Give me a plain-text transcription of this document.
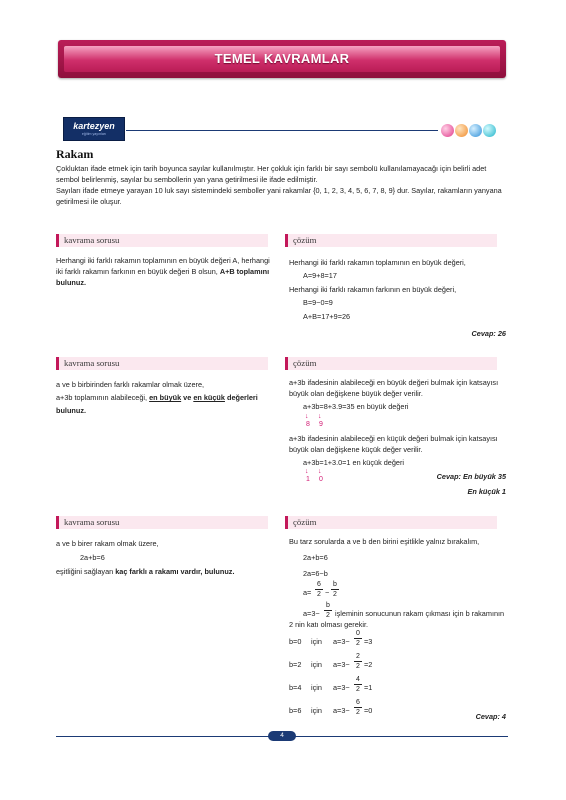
TEMEL KAVRAMLAR
kartezyen
eğitim yayınları
Rakam

Çokluktan ifade etmek için tarih boyunca sayılar kullanılmıştır. Her çokluk için farklı bir sayı sembolü kullanılamayacağı için belirli adet sembol belirlenmiş, sayılar bu sembollerin yan yana getirilmesi ile ifade edilmiştir.

Sayıları ifade etmeye yarayan 10 luk sayı sistemindeki semboller yani rakamlar {0, 1, 2, 3, 4, 5, 6, 7, 8, 9} dur. Sayılar, rakamların yanyana getirilmesi ile oluşur.

kavrama sorusu	çözüm
Herhangi iki farklı rakamın toplamının en büyük değeri A, herhangi iki farklı rakamın farkının en büyük değeri B olsun, A+B toplamını bulunuz.

Herhangi iki farklı rakamın toplamının en büyük değeri,

A=9+8=17

Herhangi iki farklı rakamın farkının en büyük değeri,

B=9−0=9

A+B=17+9=26

Cevap: 26
kavrama sorusu	çözüm

a ve b birbirinden farklı rakamlar olmak üzere,

a+3b toplamının alabileceği, en büyük ve en küçük değerleri bulunuz.

a+3b ifadesinin alabileceği en büyük değeri bulmak için katsayısı büyük olan değişkene büyük değer verilir.

a+3b=8+3.9=35 en büyük değeri
↓ ↓
8 9

a+3b ifadesinin alabileceği en küçük değeri bulmak için katsayısı büyük olan değişkene küçük değer verilir.

a+3b=1+3.0=1 en küçük değeri
↓ ↓
1 0	Cevap: En büyük 35
En küçük 1
kavrama sorusu	çözüm

a ve b birer rakam olmak üzere,

2a+b=6

eşitliğini sağlayan kaç farklı a rakamı vardır, bulunuz.

Bu tarz sorularda a ve b den birini eşitlikle yalnız bırakalım,
2a+b=6
2a=6−b
a=
6
2 −
b
2
a=3−
b
2 işleminin sonucunun rakam çıkması için b rakamının 2 nin katı olması gerekir.
b=0 için a=3−
0
2 =3
b=2 için a=3−
2
2 =2
b=4 için a=3−
4
2 =1
b=6 için a=3−
6
2 =0
Cevap: 4
4
